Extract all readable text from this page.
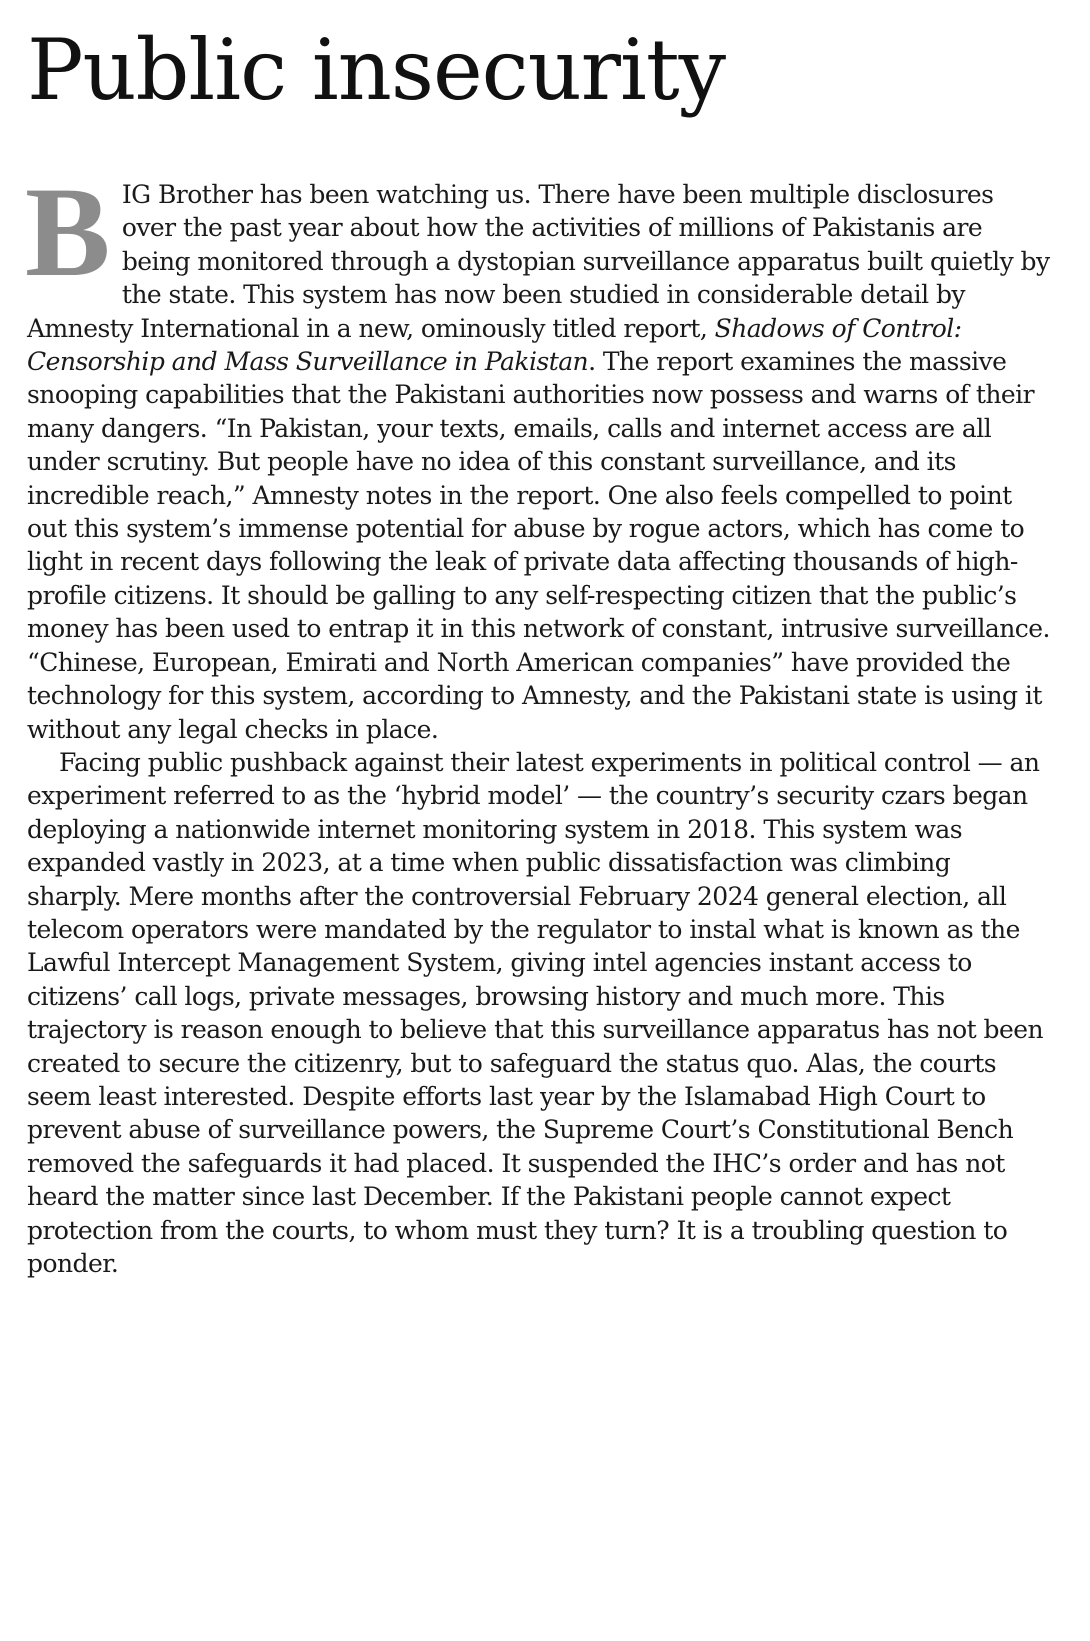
Public insecurity

BIG Brother has been watching us. There have been multiple disclosures over the past year about how the activities of millions of Pakistanis are being monitored through a dystopian surveillance apparatus built quietly by the state. This system has now been studied in considerable detail by Amnesty International in a new, ominously titled report, Shadows of Control: Censorship and Mass Surveillance in Pakistan. The report examines the massive snooping capabilities that the Pakistani authorities now possess and warns of their many dangers. “In Pakistan, your texts, emails, calls and internet access are all under scrutiny. But people have no idea of this constant surveillance, and its incredible reach,” Amnesty notes in the report. One also feels compelled to point out this system’s immense potential for abuse by rogue actors, which has come to light in recent days following the leak of private data affecting thousands of high-profile citizens. It should be galling to any self-respecting citizen that the public’s money has been used to entrap it in this network of constant, intrusive surveillance. “Chinese, European, Emirati and North American companies” have provided the technology for this system, according to Amnesty, and the Pakistani state is using it without any legal checks in place.

Facing public pushback against their latest experiments in political control — an experiment referred to as the ‘hybrid model’ — the country’s security czars began deploying a nationwide internet monitoring system in 2018. This system was expanded vastly in 2023, at a time when public dissatisfaction was climbing sharply. Mere months after the controversial February 2024 general election, all telecom operators were mandated by the regulator to instal what is known as the Lawful Intercept Management System, giving intel agencies instant access to citizens’ call logs, private messages, browsing history and much more. This trajectory is reason enough to believe that this surveillance apparatus has not been created to secure the citizenry, but to safeguard the status quo. Alas, the courts seem least interested. Despite efforts last year by the Islamabad High Court to prevent abuse of surveillance powers, the Supreme Court’s Constitutional Bench removed the safeguards it had placed. It suspended the IHC’s order and has not heard the matter since last December. If the Pakistani people cannot expect protection from the courts, to whom must they turn? It is a troubling question to ponder.
